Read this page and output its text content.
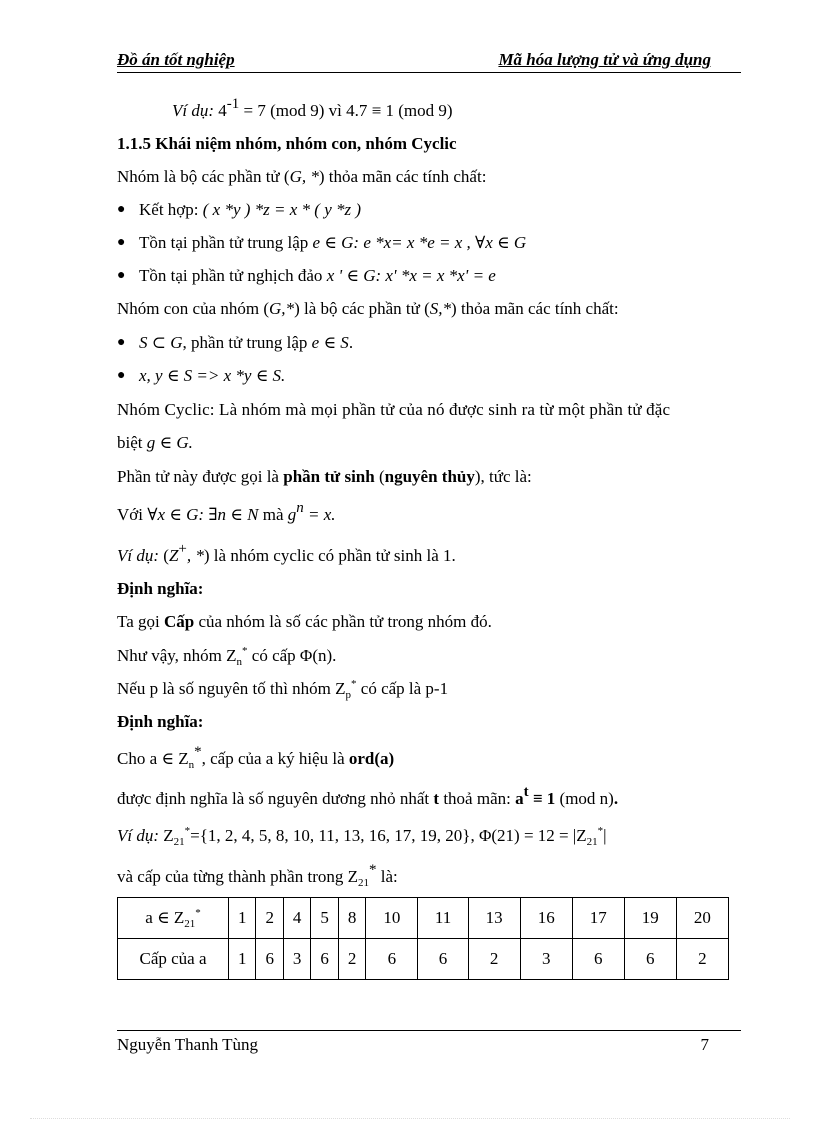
Đồ án tốt nghiệp	Mã hóa lượng tử và ứng dụng
Ví dụ: 4-1 = 7 (mod 9) vì 4.7 ≡ 1 (mod 9)
1.1.5 Khái niệm nhóm, nhóm con, nhóm Cyclic
Nhóm là bộ các phần tử (G, *) thỏa mãn các tính chất:
● Kết hợp: ( x *y ) *z = x * ( y *z )
● Tồn tại phần tử trung lập e ∈ G: e *x= x *e = x , ∀x ∈ G
● Tồn tại phần tử nghịch đảo x ' ∈ G: x' *x = x *x' = e
Nhóm con của nhóm (G,*) là bộ các phần tử (S,*) thỏa mãn các tính chất:
● S ⊂ G, phần tử trung lập e ∈ S.
● x, y ∈ S => x *y ∈ S.
Nhóm Cyclic: Là nhóm mà mọi phần tử của nó được sinh ra từ một phần tử đặc
biệt g ∈ G.
Phần tử này được gọi là phần tử sinh (nguyên thủy), tức là:
Với ∀x ∈ G: ∃n ∈ N mà gn = x.
Ví dụ: (Z+, *) là nhóm cyclic có phần tử sinh là 1.
Định nghĩa:
Ta gọi Cấp của nhóm là số các phần tử trong nhóm đó.
Như vậy, nhóm $Z_n^*$ có cấp Φ(n).
Nếu p là số nguyên tố thì nhóm $Z_p^*$ có cấp là p-1
Định nghĩa:
Cho a ∈ $Z_n^*$, cấp của a ký hiệu là ord(a)
được định nghĩa là số nguyên dương nhỏ nhất t thoả mãn: at ≡ 1 (mod n).
Ví dụ: $Z_{21}^*=\{1$, 2, 4, 5, 8, 10, 11, 13, 16, 17, 19, 20}, $\Phi(21) = 12 = |Z_{21}^*|$
và cấp của từng thành phần trong $Z_{21}^*$ là:
a ∈ $Z_{21}^*$	1	2	4	5	8	10	11	13	16	17	19	20
Cấp của a	1	6	3	6	2	6	6	2	3	6	6	2
Nguyễn Thanh Tùng	7
